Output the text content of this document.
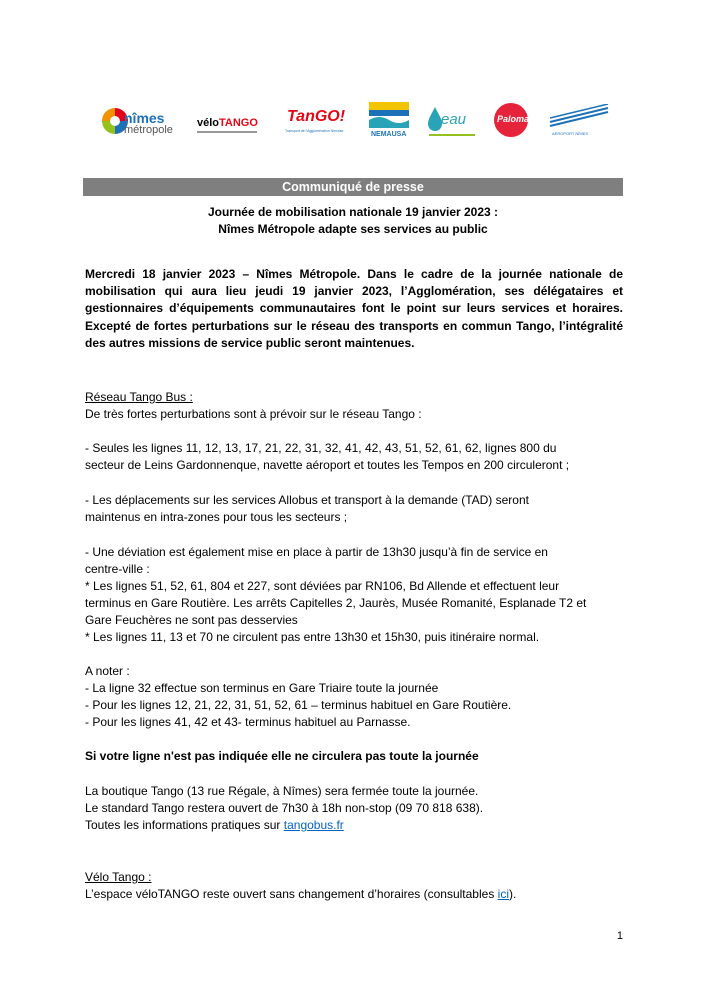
nîmes
métropole
véloTANGO TanGO!
Transport de l'Agglomération Nîmoise	NEMAUSA
eau	Paloma
AÉROPORT NÎMES
Communiqué de presse
Journée de mobilisation nationale 19 janvier 2023 :
Nîmes Métropole adapte ses services au public
Mercredi 18 janvier 2023 – Nîmes Métropole. Dans le cadre de la journée nationale de mobilisation qui aura lieu jeudi 19 janvier 2023, l’Agglomération, ses délégataires et gestionnaires d’équipements communautaires font le point sur leurs services et horaires. Excepté de fortes perturbations sur le réseau des transports en commun Tango, l’intégralité des autres missions de service public seront maintenues.
Réseau Tango Bus :
De très fortes perturbations sont à prévoir sur le réseau Tango :
- Seules les lignes 11, 12, 13, 17, 21, 22, 31, 32, 41, 42, 43, 51, 52, 61, 62, lignes 800 du
secteur de Leins Gardonnenque, navette aéroport et toutes les Tempos en 200 circuleront ;
- Les déplacements sur les services Allobus et transport à la demande (TAD) seront
maintenus en intra-zones pour tous les secteurs ;
- Une déviation est également mise en place à partir de 13h30 jusqu’à fin de service en
centre-ville :
* Les lignes 51, 52, 61, 804 et 227, sont déviées par RN106, Bd Allende et effectuent leur
terminus en Gare Routière. Les arrêts Capitelles 2, Jaurès, Musée Romanité, Esplanade T2 et
Gare Feuchères ne sont pas desservies
* Les lignes 11, 13 et 70 ne circulent pas entre 13h30 et 15h30, puis itinéraire normal.
A noter :
- La ligne 32 effectue son terminus en Gare Triaire toute la journée
- Pour les lignes 12, 21, 22, 31, 51, 52, 61 – terminus habituel en Gare Routière.
- Pour les lignes 41, 42 et 43- terminus habituel au Parnasse.
Si votre ligne n'est pas indiquée elle ne circulera pas toute la journée
La boutique Tango (13 rue Régale, à Nîmes) sera fermée toute la journée.
Le standard Tango restera ouvert de 7h30 à 18h non-stop (09 70 818 638).
Toutes les informations pratiques sur tangobus.fr
Vélo Tango :
L’espace véloTANGO reste ouvert sans changement d’horaires (consultables ici).
1
